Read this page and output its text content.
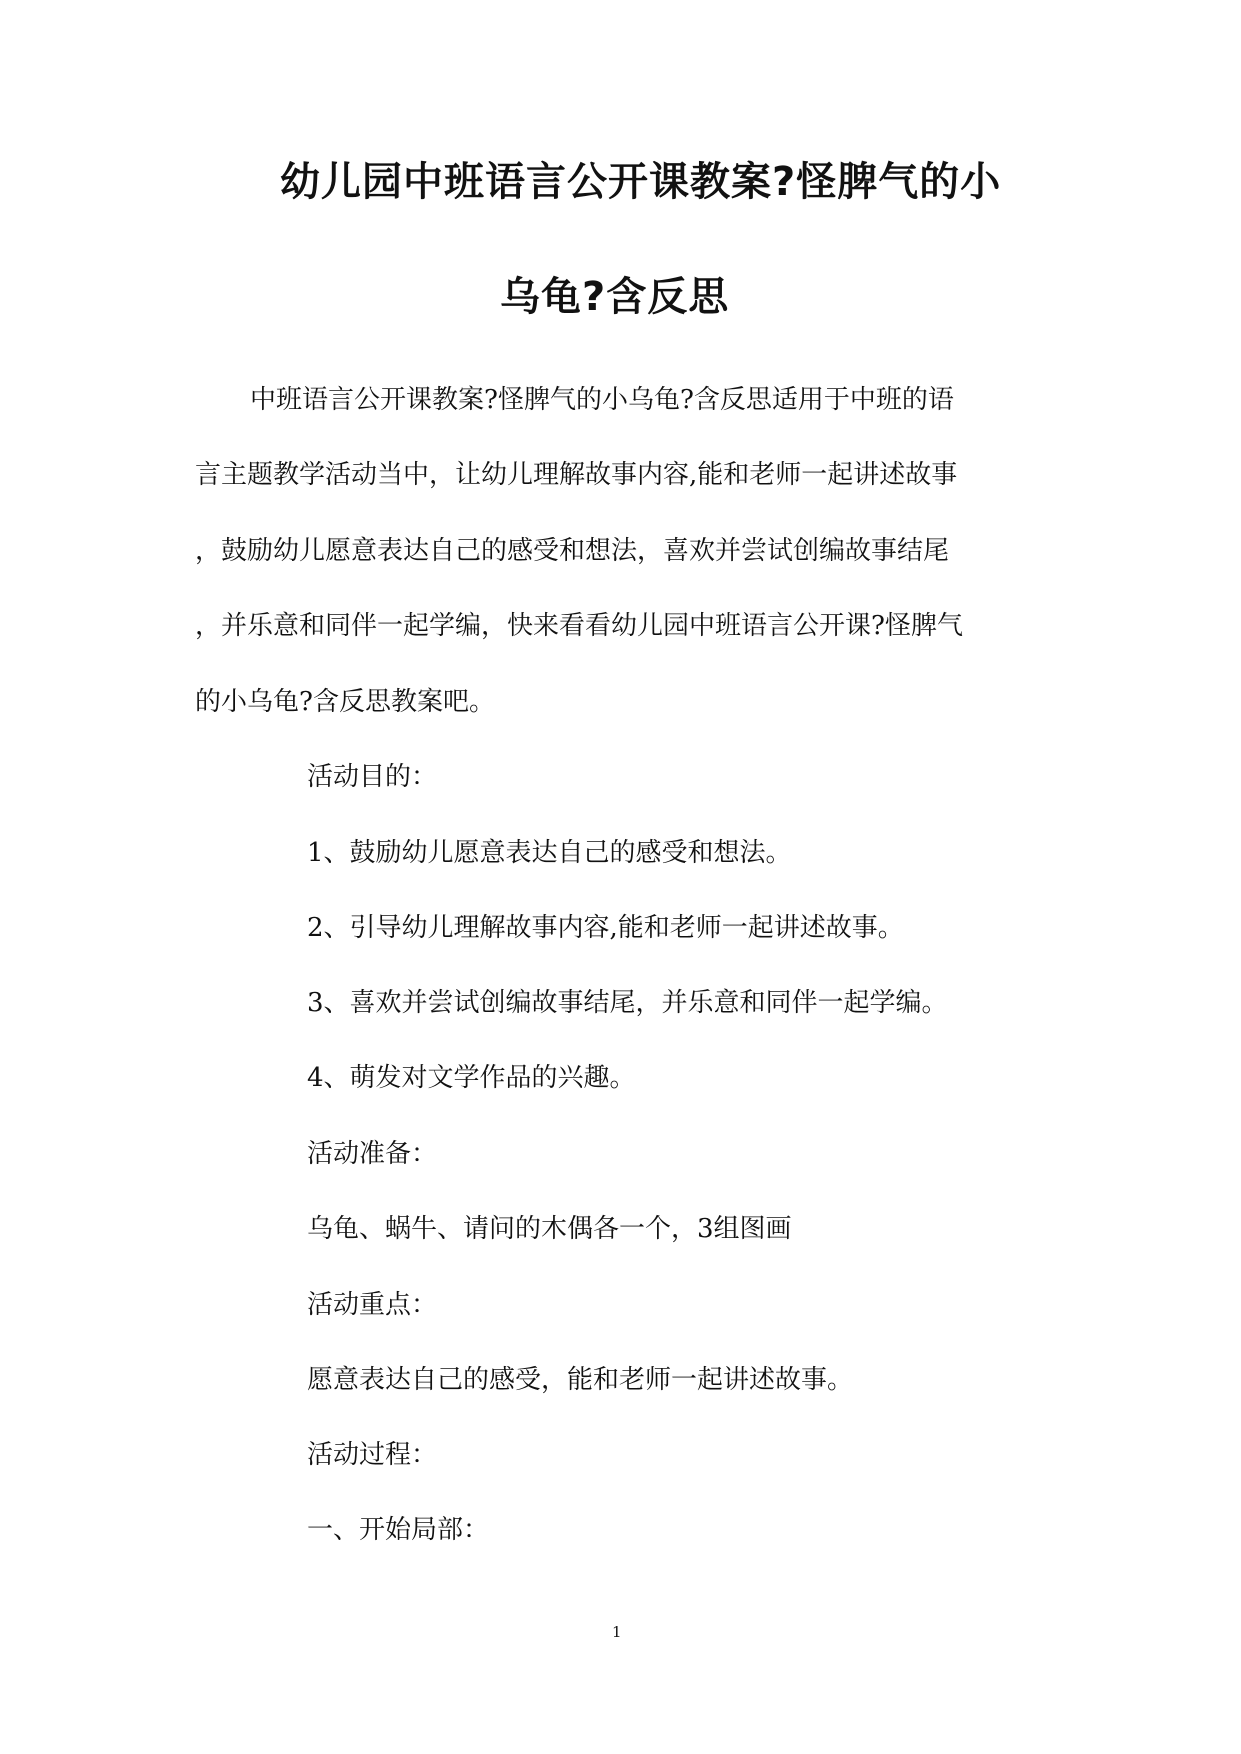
幼儿园中班语言公开课教案?怪脾气的小
乌龟?含反思
中班语言公开课教案?怪脾气的小乌龟?含反思适用于中班的语
言主题教学活动当中，让幼儿理解故事内容,能和老师一起讲述故事
，鼓励幼儿愿意表达自己的感受和想法，喜欢并尝试创编故事结尾
，并乐意和同伴一起学编，快来看看幼儿园中班语言公开课?怪脾气
的小乌龟?含反思教案吧。
活动目的：
1、鼓励幼儿愿意表达自己的感受和想法。
2、引导幼儿理解故事内容,能和老师一起讲述故事。
3、喜欢并尝试创编故事结尾，并乐意和同伴一起学编。
4、萌发对文学作品的兴趣。
活动准备：
乌龟、蜗牛、请问的木偶各一个，3组图画
活动重点：
愿意表达自己的感受，能和老师一起讲述故事。
活动过程：
一、开始局部：
1
